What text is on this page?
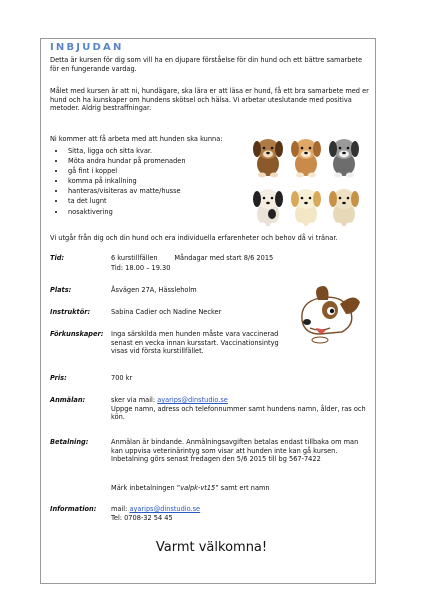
INBJUDAN
Detta är kursen för dig som vill ha en djupare förståelse för din hund och ett bättre samarbete för en fungerande vardag.
Målet med kursen är att ni, hundägare, ska lära er att läsa er hund, få ett bra samarbete med er hund och ha kunskaper om hundens skötsel och hälsa. Vi arbetar uteslutande med positiva metoder. Aldrig bestraffningar.
Ni kommer att få arbeta med att hunden ska kunna:
• Sitta, ligga och sitta kvar.
• Möta andra hundar på promenaden
• gå fint i koppel
• komma på inkallning
• hanteras/visiteras av matte/husse
• ta det lugnt
• nosaktivering
Vi utgår från dig och din hund och era individuella erfarenheter och behov då vi tränar.
Tid:	6 kurstillfällen        Måndagar med start 8/6 2015
Tid: 18.00 – 19.30
Plats:	Åsvägen 27A, Hässleholm
Instruktör:	Sabina Cadier och Nadine Necker
Förkunskaper: Inga särskilda men hunden måste vara vaccinerad senast en vecka innan kursstart. Vaccinationsintyg visas vid första kurstillfället.
Pris:	700 kr
Anmälan:	sker via mail: ayarips@dinstudio.se
Uppge namn, adress och telefonnummer samt hundens namn, ålder, ras och kön.
Betalning:	Anmälan är bindande. Anmälningsavgiften betalas endast tillbaka om man kan uppvisa veterinärintyg som visar att hunden inte kan gå kursen. Inbetalning görs senast fredagen den 5/6 2015 till bg 567-7422
Märk inbetalningen ”valpk-vt15” samt ert namn
Information: mail: ayarips@dinstudio.se
Tel: 0708-32 54 45
Varmt välkomna!
